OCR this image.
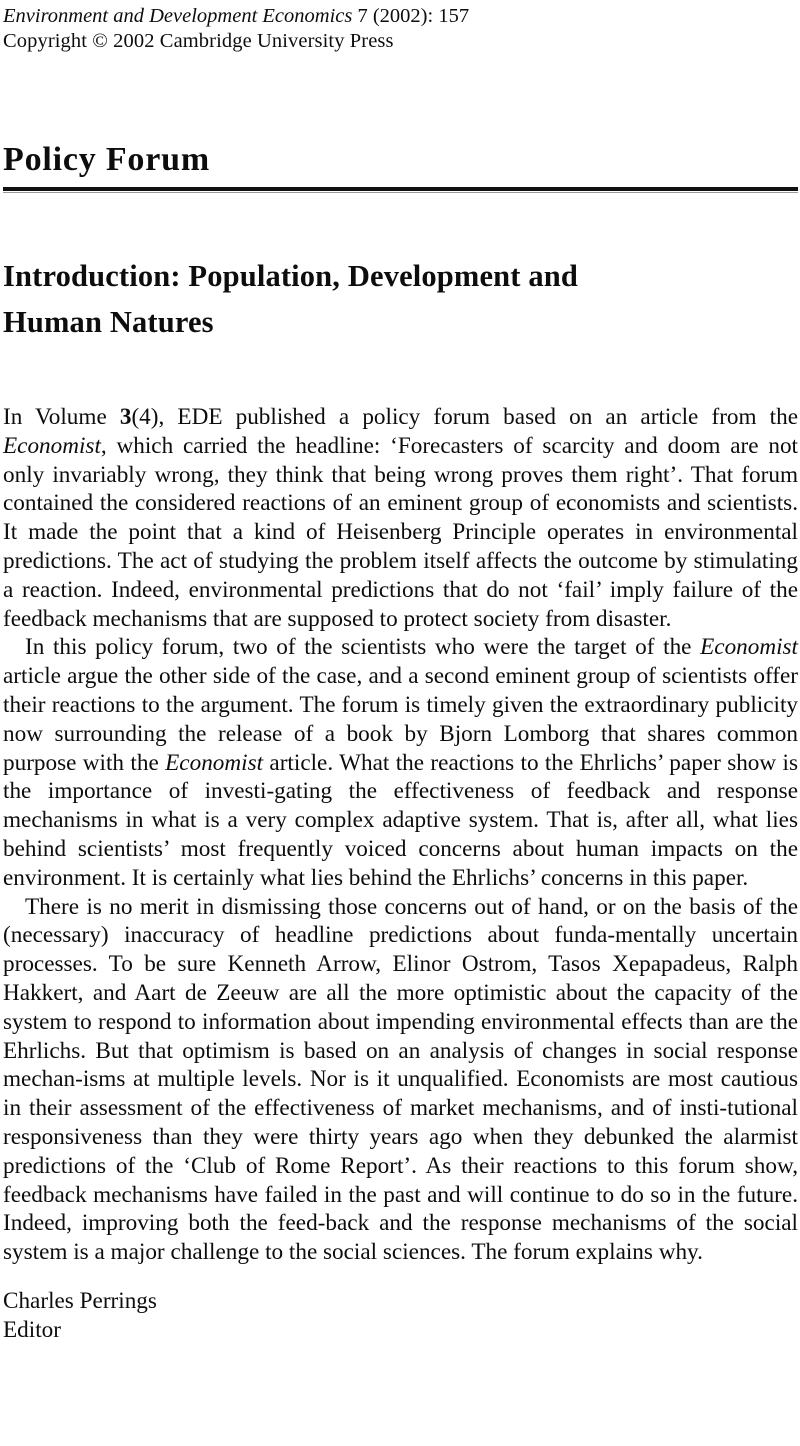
Environment and Development Economics 7 (2002): 157
Copyright © 2002 Cambridge University Press
Policy Forum
Introduction: Population, Development and
Human Natures

In Volume 3(4), EDE published a policy forum based on an article from the Economist, which carried the headline: ‘Forecasters of scarcity and doom are not only invariably wrong, they think that being wrong proves them right’. That forum contained the considered reactions of an eminent group of economists and scientists. It made the point that a kind of Heisenberg Principle operates in environmental predictions. The act of studying the problem itself affects the outcome by stimulating a reaction. Indeed, environmental predictions that do not ‘fail’ imply failure of the feedback mechanisms that are supposed to protect society from disaster.

In this policy forum, two of the scientists who were the target of the Economist article argue the other side of the case, and a second eminent group of scientists offer their reactions to the argument. The forum is timely given the extraordinary publicity now surrounding the release of a book by Bjorn Lomborg that shares common purpose with the Economist article. What the reactions to the Ehrlichs’ paper show is the importance of investi-gating the effectiveness of feedback and response mechanisms in what is a very complex adaptive system. That is, after all, what lies behind scientists’ most frequently voiced concerns about human impacts on the environment. It is certainly what lies behind the Ehrlichs’ concerns in this paper.

There is no merit in dismissing those concerns out of hand, or on the basis of the (necessary) inaccuracy of headline predictions about funda-mentally uncertain processes. To be sure Kenneth Arrow, Elinor Ostrom, Tasos Xepapadeus, Ralph Hakkert, and Aart de Zeeuw are all the more optimistic about the capacity of the system to respond to information about impending environmental effects than are the Ehrlichs. But that optimism is based on an analysis of changes in social response mechan-isms at multiple levels. Nor is it unqualified. Economists are most cautious in their assessment of the effectiveness of market mechanisms, and of insti-tutional responsiveness than they were thirty years ago when they debunked the alarmist predictions of the ‘Club of Rome Report’. As their reactions to this forum show, feedback mechanisms have failed in the past and will continue to do so in the future. Indeed, improving both the feed-back and the response mechanisms of the social system is a major challenge to the social sciences. The forum explains why.

Charles Perrings
Editor
